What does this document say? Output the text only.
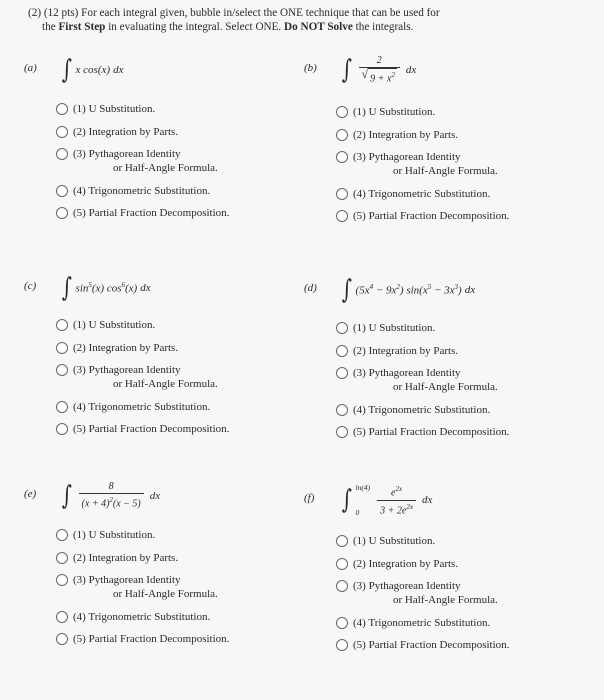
(2) (12 pts) For each integral given, bubble in/select the ONE technique that can be used for
the First Step in evaluating the integral. Select ONE. Do NOT Solve the integrals.
(a) ∫ x cos(x) dx
(1) U Substitution.
(2) Integration by Parts.
(3) Pythagorean Identity
or Half-Angle Formula.
(4) Trigonometric Substitution.
(5) Partial Fraction Decomposition.
(b) ∫ $\frac{2}{√ 9 + x^2}$ dx
(1) U Substitution.
(2) Integration by Parts.
(3) Pythagorean Identity
or Half-Angle Formula.
(4) Trigonometric Substitution.
(5) Partial Fraction Decomposition.
(c) ∫ $\sin^5(x)$ $\cos^6(x)$ dx
(1) U Substitution.
(2) Integration by Parts.
(3) Pythagorean Identity
or Half-Angle Formula.
(4) Trigonometric Substitution.
(5) Partial Fraction Decomposition.
(d) ∫ $(5x^4 - 9x^2) \sin(x^5 - 3x^3)$ dx
(1) U Substitution.
(2) Integration by Parts.
(3) Pythagorean Identity
or Half-Angle Formula.
(4) Trigonometric Substitution.
(5) Partial Fraction Decomposition.
(e) ∫ $\frac{8}{(x + 4)^2(x - 5)}$ dx
(1) U Substitution.
(2) Integration by Parts.
(3) Pythagorean Identity
or Half-Angle Formula.
(4) Trigonometric Substitution.
(5) Partial Fraction Decomposition.
(f) ∫ ln(4)
0	$\frac{e^{2x}}{3 + 2e^{2x}}$ dx
(1) U Substitution.
(2) Integration by Parts.
(3) Pythagorean Identity
or Half-Angle Formula.
(4) Trigonometric Substitution.
(5) Partial Fraction Decomposition.
